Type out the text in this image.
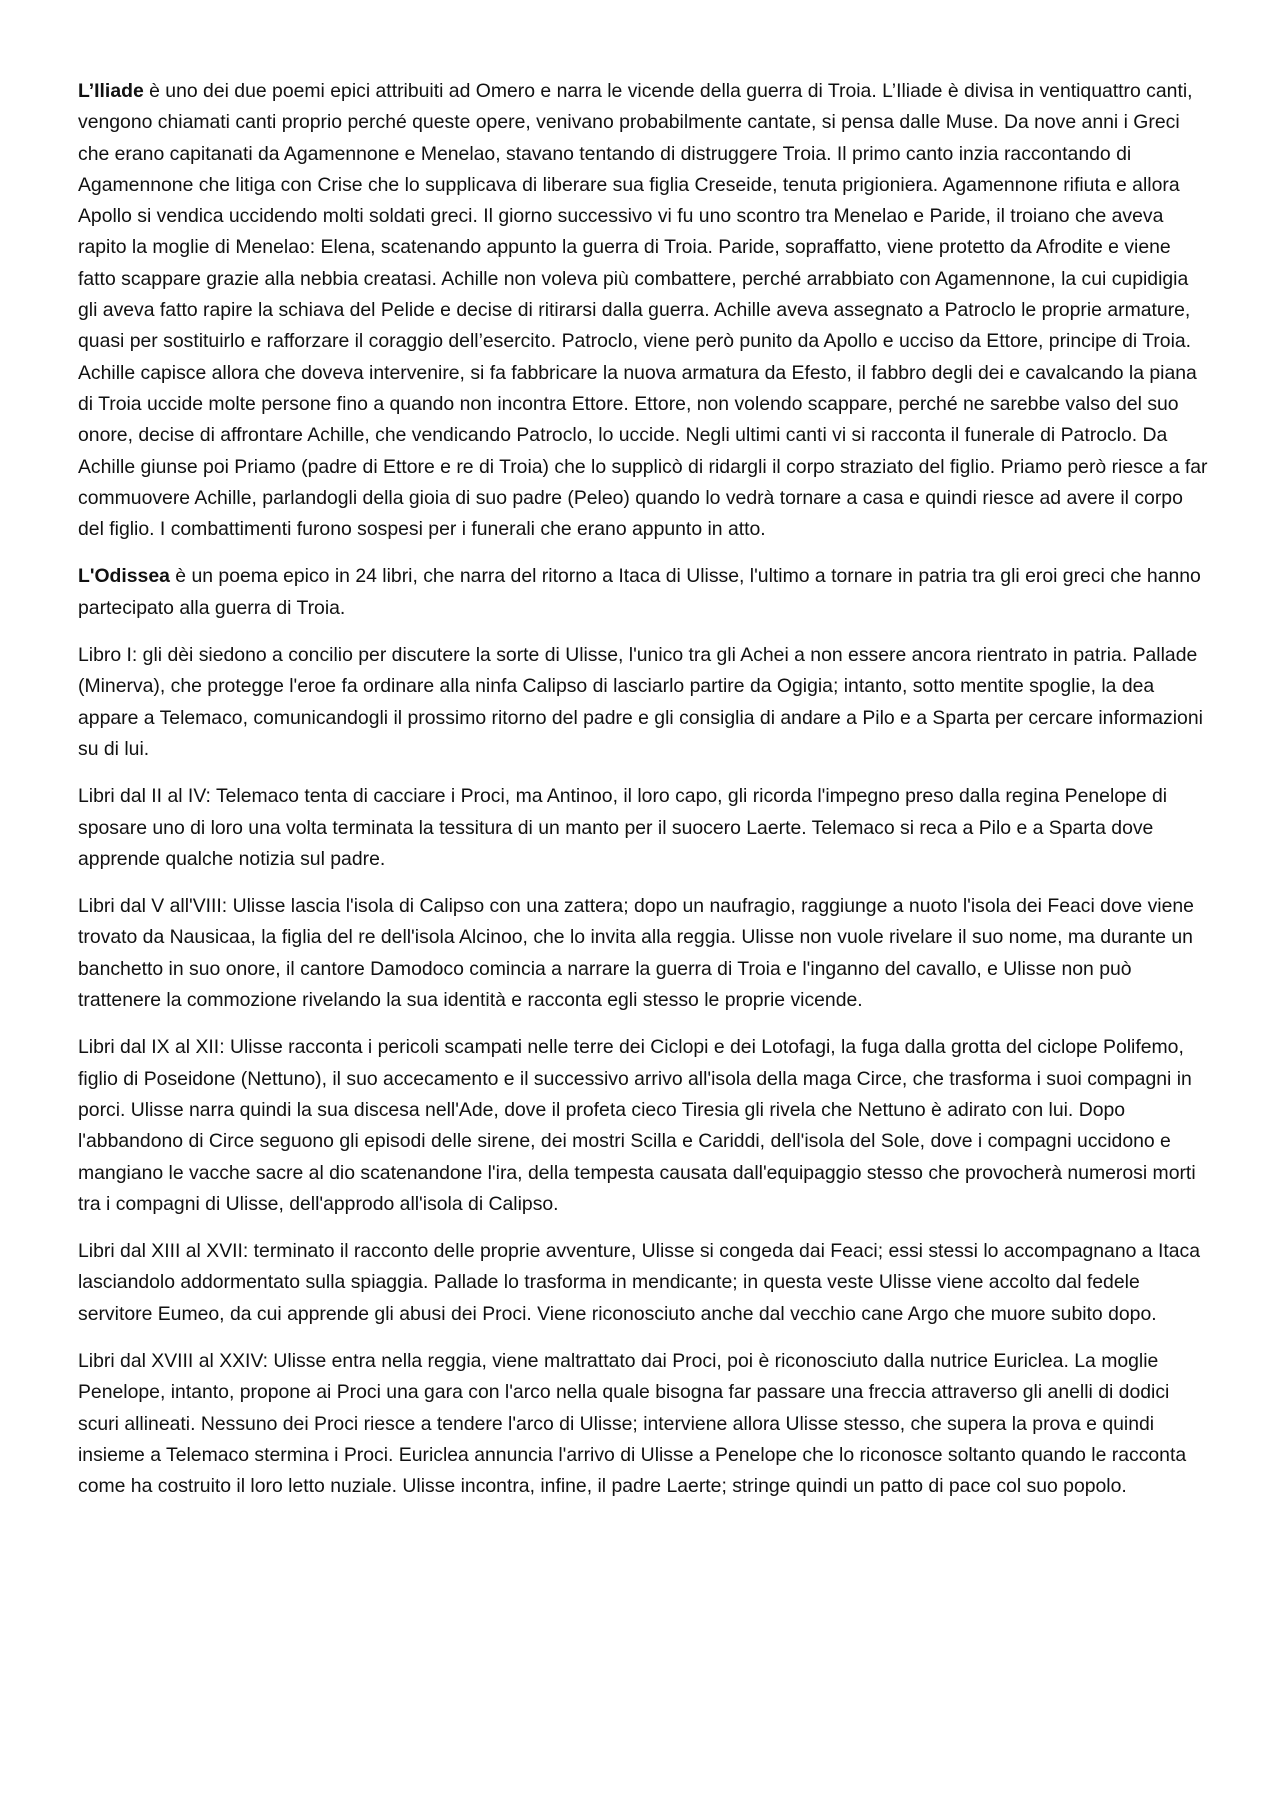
L’Iliade è uno dei due poemi epici attribuiti ad Omero e narra le vicende della guerra di Troia. L’Iliade è divisa in ventiquattro canti, vengono chiamati canti proprio perché queste opere, venivano probabilmente cantate, si pensa dalle Muse. Da nove anni i Greci che erano capitanati da Agamennone e Menelao, stavano tentando di distruggere Troia. Il primo canto inzia raccontando di Agamennone che litiga con Crise che lo supplicava di liberare sua figlia Creseide, tenuta prigioniera. Agamennone rifiuta e allora Apollo si vendica uccidendo molti soldati greci. Il giorno successivo vi fu uno scontro tra Menelao e Paride, il troiano che aveva rapito la moglie di Menelao: Elena, scatenando appunto la guerra di Troia. Paride, sopraffatto, viene protetto da Afrodite e viene fatto scappare grazie alla nebbia creatasi. Achille non voleva più combattere, perché arrabbiato con Agamennone, la cui cupidigia gli aveva fatto rapire la schiava del Pelide e decise di ritirarsi dalla guerra. Achille aveva assegnato a Patroclo le proprie armature, quasi per sostituirlo e rafforzare il coraggio dell’esercito. Patroclo, viene però punito da Apollo e ucciso da Ettore, principe di Troia. Achille capisce allora che doveva intervenire, si fa fabbricare la nuova armatura da Efesto, il fabbro degli dei e cavalcando la piana di Troia uccide molte persone fino a quando non incontra Ettore. Ettore, non volendo scappare, perché ne sarebbe valso del suo onore, decise di affrontare Achille, che vendicando Patroclo, lo uccide. Negli ultimi canti vi si racconta il funerale di Patroclo. Da Achille giunse poi Priamo (padre di Ettore e re di Troia) che lo supplicò di ridargli il corpo straziato del figlio. Priamo però riesce a far commuovere Achille, parlandogli della gioia di suo padre (Peleo) quando lo vedrà tornare a casa e quindi riesce ad avere il corpo del figlio. I combattimenti furono sospesi per i funerali che erano appunto in atto.

L'Odissea è un poema epico in 24 libri, che narra del ritorno a Itaca di Ulisse, l'ultimo a tornare in patria tra gli eroi greci che hanno partecipato alla guerra di Troia.

Libro I: gli dèi siedono a concilio per discutere la sorte di Ulisse, l'unico tra gli Achei a non essere ancora rientrato in patria. Pallade (Minerva), che protegge l'eroe fa ordinare alla ninfa Calipso di lasciarlo partire da Ogigia; intanto, sotto mentite spoglie, la dea appare a Telemaco, comunicandogli il prossimo ritorno del padre e gli consiglia di andare a Pilo e a Sparta per cercare informazioni su di lui.

Libri dal II al IV: Telemaco tenta di cacciare i Proci, ma Antinoo, il loro capo, gli ricorda l'impegno preso dalla regina Penelope di sposare uno di loro una volta terminata la tessitura di un manto per il suocero Laerte. Telemaco si reca a Pilo e a Sparta dove apprende qualche notizia sul padre.

Libri dal V all'VIII: Ulisse lascia l'isola di Calipso con una zattera; dopo un naufragio, raggiunge a nuoto l'isola dei Feaci dove viene trovato da Nausicaa, la figlia del re dell'isola Alcinoo, che lo invita alla reggia. Ulisse non vuole rivelare il suo nome, ma durante un banchetto in suo onore, il cantore Damodoco comincia a narrare la guerra di Troia e l'inganno del cavallo, e Ulisse non può trattenere la commozione rivelando la sua identità e racconta egli stesso le proprie vicende.

Libri dal IX al XII: Ulisse racconta i pericoli scampati nelle terre dei Ciclopi e dei Lotofagi, la fuga dalla grotta del ciclope Polifemo, figlio di Poseidone (Nettuno), il suo accecamento e il successivo arrivo all'isola della maga Circe, che trasforma i suoi compagni in porci. Ulisse narra quindi la sua discesa nell'Ade, dove il profeta cieco Tiresia gli rivela che Nettuno è adirato con lui. Dopo l'abbandono di Circe seguono gli episodi delle sirene, dei mostri Scilla e Cariddi, dell'isola del Sole, dove i compagni uccidono e mangiano le vacche sacre al dio scatenandone l'ira, della tempesta causata dall'equipaggio stesso che provocherà numerosi morti tra i compagni di Ulisse, dell'approdo all'isola di Calipso.

Libri dal XIII al XVII: terminato il racconto delle proprie avventure, Ulisse si congeda dai Feaci; essi stessi lo accompagnano a Itaca lasciandolo addormentato sulla spiaggia. Pallade lo trasforma in mendicante; in questa veste Ulisse viene accolto dal fedele servitore Eumeo, da cui apprende gli abusi dei Proci. Viene riconosciuto anche dal vecchio cane Argo che muore subito dopo.

Libri dal XVIII al XXIV: Ulisse entra nella reggia, viene maltrattato dai Proci, poi è riconosciuto dalla nutrice Euriclea. La moglie Penelope, intanto, propone ai Proci una gara con l'arco nella quale bisogna far passare una freccia attraverso gli anelli di dodici scuri allineati. Nessuno dei Proci riesce a tendere l'arco di Ulisse; interviene allora Ulisse stesso, che supera la prova e quindi insieme a Telemaco stermina i Proci. Euriclea annuncia l'arrivo di Ulisse a Penelope che lo riconosce soltanto quando le racconta come ha costruito il loro letto nuziale. Ulisse incontra, infine, il padre Laerte; stringe quindi un patto di pace col suo popolo.
